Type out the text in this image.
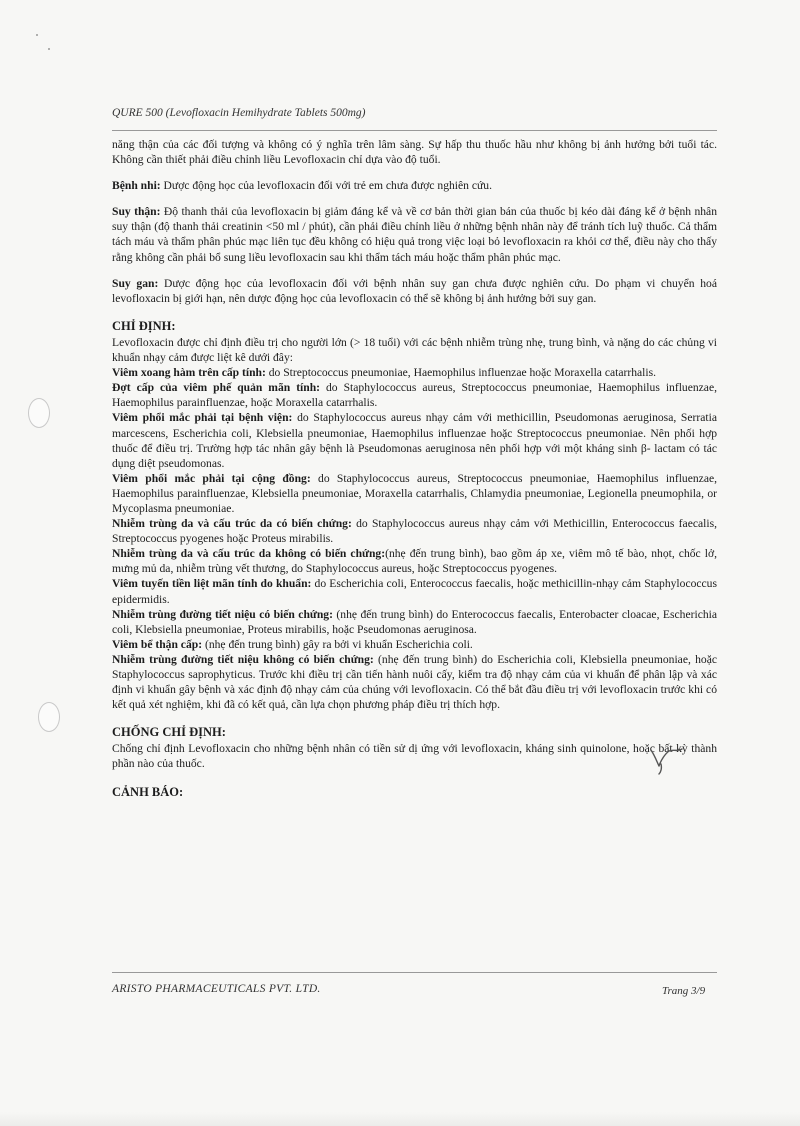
QURE 500 (Levofloxacin Hemihydrate Tablets 500mg)

năng thận của các đối tượng và không có ý nghĩa trên lâm sàng. Sự hấp thu thuốc hầu như không bị ảnh hưởng bởi tuổi tác. Không cần thiết phải điều chỉnh liều Levofloxacin chỉ dựa vào độ tuổi.

Bệnh nhi: Dược động học của levofloxacin đối với trẻ em chưa được nghiên cứu.

Suy thận: Độ thanh thải của levofloxacin bị giảm đáng kể và về cơ bản thời gian bán của thuốc bị kéo dài đáng kể ở bệnh nhân suy thận (độ thanh thải creatinin <50 ml / phút), cần phải điều chỉnh liều ở những bệnh nhân này để tránh tích luỹ thuốc. Cả thẩm tách máu và thẩm phân phúc mạc liên tục đều không có hiệu quả trong việc loại bỏ levofloxacin ra khỏi cơ thể, điều này cho thấy rằng không cần phải bổ sung liều levofloxacin sau khi thẩm tách máu hoặc thẩm phân phúc mạc.

Suy gan: Dược động học của levofloxacin đối với bệnh nhân suy gan chưa được nghiên cứu. Do phạm vi chuyển hoá levofloxacin bị giới hạn, nên dược động học của levofloxacin có thể sẽ không bị ảnh hưởng bởi suy gan.

CHỈ ĐỊNH:

Levofloxacin được chỉ định điều trị cho người lớn (> 18 tuổi) với các bệnh nhiễm trùng nhẹ, trung bình, và nặng do các chủng vi khuẩn nhạy cảm được liệt kê dưới đây:

Viêm xoang hàm trên cấp tính: do Streptococcus pneumoniae, Haemophilus influenzae hoặc Moraxella catarrhalis.

Đợt cấp của viêm phế quản mãn tính: do Staphylococcus aureus, Streptococcus pneumoniae, Haemophilus influenzae, Haemophilus parainfluenzae, hoặc Moraxella catarrhalis.

Viêm phổi mắc phải tại bệnh viện: do Staphylococcus aureus nhạy cảm với methicillin, Pseudomonas aeruginosa, Serratia marcescens, Escherichia coli, Klebsiella pneumoniae, Haemophilus influenzae hoặc Streptococcus pneumoniae. Nên phối hợp thuốc để điều trị. Trường hợp tác nhân gây bệnh là Pseudomonas aeruginosa nên phối hợp với một kháng sinh β- lactam có tác dụng diệt pseudomonas.

Viêm phổi mắc phải tại cộng đồng: do Staphylococcus aureus, Streptococcus pneumoniae, Haemophilus influenzae, Haemophilus parainfluenzae, Klebsiella pneumoniae, Moraxella catarrhalis, Chlamydia pneumoniae, Legionella pneumophila, or Mycoplasma pneumoniae.

Nhiễm trùng da và cấu trúc da có biến chứng: do Staphylococcus aureus nhạy cảm với Methicillin, Enterococcus faecalis, Streptococcus pyogenes hoặc Proteus mirabilis.

Nhiễm trùng da và cấu trúc da không có biến chứng:(nhẹ đến trung bình), bao gồm áp xe, viêm mô tế bào, nhọt, chốc lở, mưng mủ da, nhiễm trùng vết thương, do Staphylococcus aureus, hoặc Streptococcus pyogenes.

Viêm tuyến tiền liệt mãn tính do khuẩn: do Escherichia coli, Enterococcus faecalis, hoặc methicillin-nhạy cảm Staphylococcus epidermidis.

Nhiễm trùng đường tiết niệu có biến chứng: (nhẹ đến trung bình) do Enterococcus faecalis, Enterobacter cloacae, Escherichia coli, Klebsiella pneumoniae, Proteus mirabilis, hoặc Pseudomonas aeruginosa.

Viêm bể thận cấp: (nhẹ đến trung bình) gây ra bởi vi khuẩn Escherichia coli.

Nhiễm trùng đường tiết niệu không có biến chứng: (nhẹ đến trung bình) do Escherichia coli, Klebsiella pneumoniae, hoặc Staphylococcus saprophyticus. Trước khi điều trị cần tiến hành nuôi cấy, kiểm tra độ nhạy cảm của vi khuẩn để phân lập và xác định vi khuẩn gây bệnh và xác định độ nhạy cảm của chúng với levofloxacin. Có thể bắt đầu điều trị với levofloxacin trước khi có kết quả xét nghiệm, khi đã có kết quả, cần lựa chọn phương pháp điều trị thích hợp.

CHỐNG CHỈ ĐỊNH:

Chống chỉ định Levofloxacin cho những bệnh nhân có tiền sử dị ứng với levofloxacin, kháng sinh quinolone, hoặc bất kỳ thành phần nào của thuốc.

CẢNH BÁO:

ARISTO PHARMACEUTICALS PVT. LTD.	Trang 3/9
